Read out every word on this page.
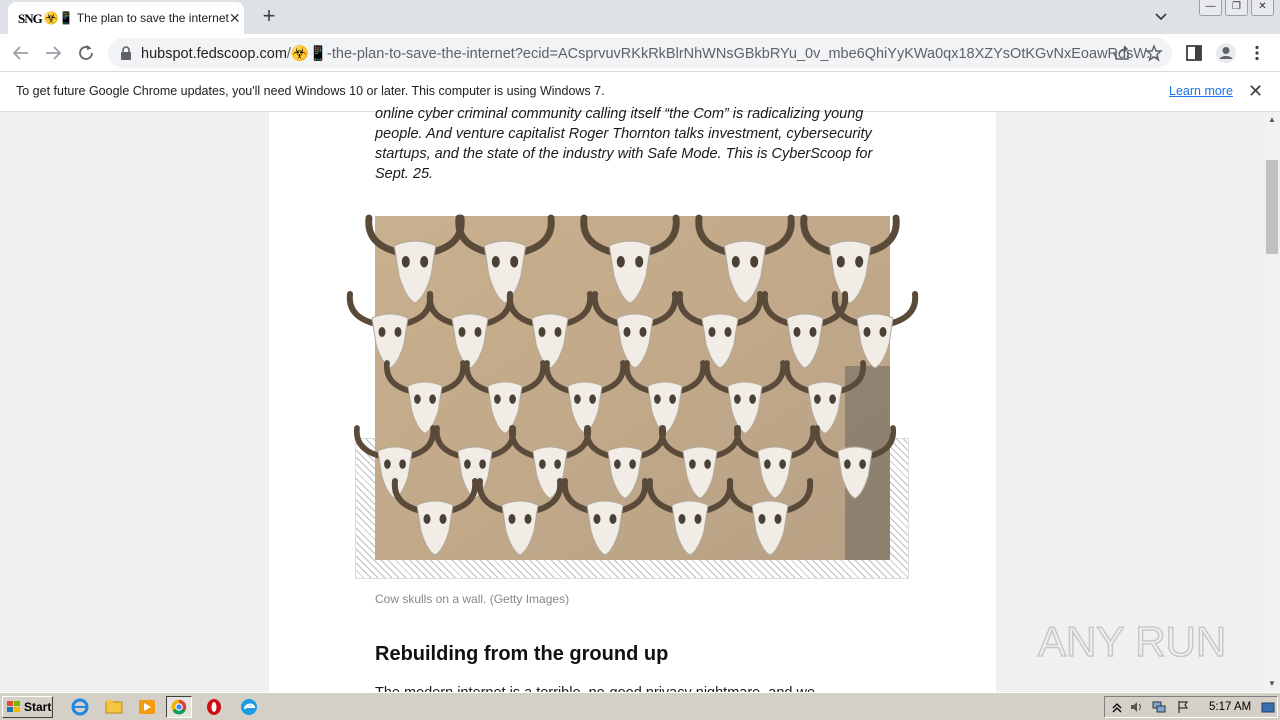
SNG ☣️📱 The plan to save the internet ✕ +	—	❐	✕
hubspot.fedscoop.com/☣️📱-the-plan-to-save-the-internet?ecid=ACsprvuvRKkRkBlrNhWNsGBkbRYu_0v_mbe6QhiYyKWa0qx18XZYsOtKGvNxEoawRdsW...
To get future Google Chrome updates, you'll need Windows 10 or later. This computer is using Windows 7.	Learn more ✕

online cyber criminal community calling itself “the Com” is radicalizing young people. And venture capitalist Roger Thornton talks investment, cybersecurity startups, and the state of the industry with Safe Mode. This is CyberScoop for Sept. 25.

Cow skulls on a wall. (Getty Images)
Rebuilding from the ground up	ANY RUN
▲
▼
Start	5:17 AM
